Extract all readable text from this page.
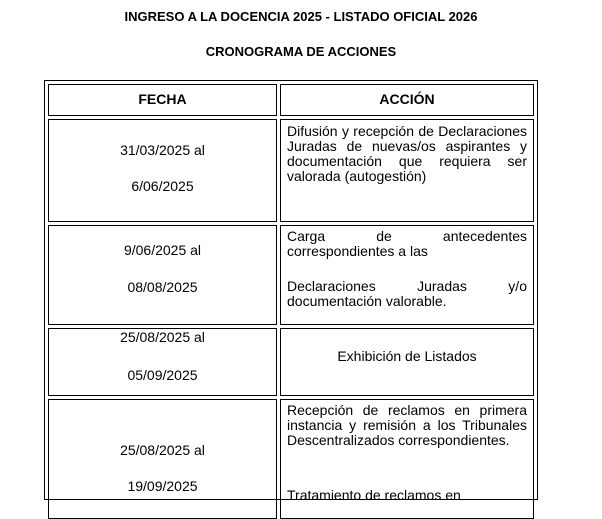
INGRESO A LA DOCENCIA 2025 - LISTADO OFICIAL 2026
CRONOGRAMA DE ACCIONES
FECHA	ACCIÓN
31/03/2025 al
6/06/2025

Difusión y recepción de Declaraciones Juradas de nuevas/os aspirantes y documentación que requiera ser valorada (autogestión)

9/06/2025 al
08/08/2025

Carga de antecedentes correspondientes a las

Declaraciones Juradas y/o documentación valorable.

25/08/2025 al
05/09/2025
Exhibición de Listados
25/08/2025 al
19/09/2025

Recepción de reclamos en primera instancia y remisión a los Tribunales Descentralizados correspondientes.

Tratamiento de reclamos en
